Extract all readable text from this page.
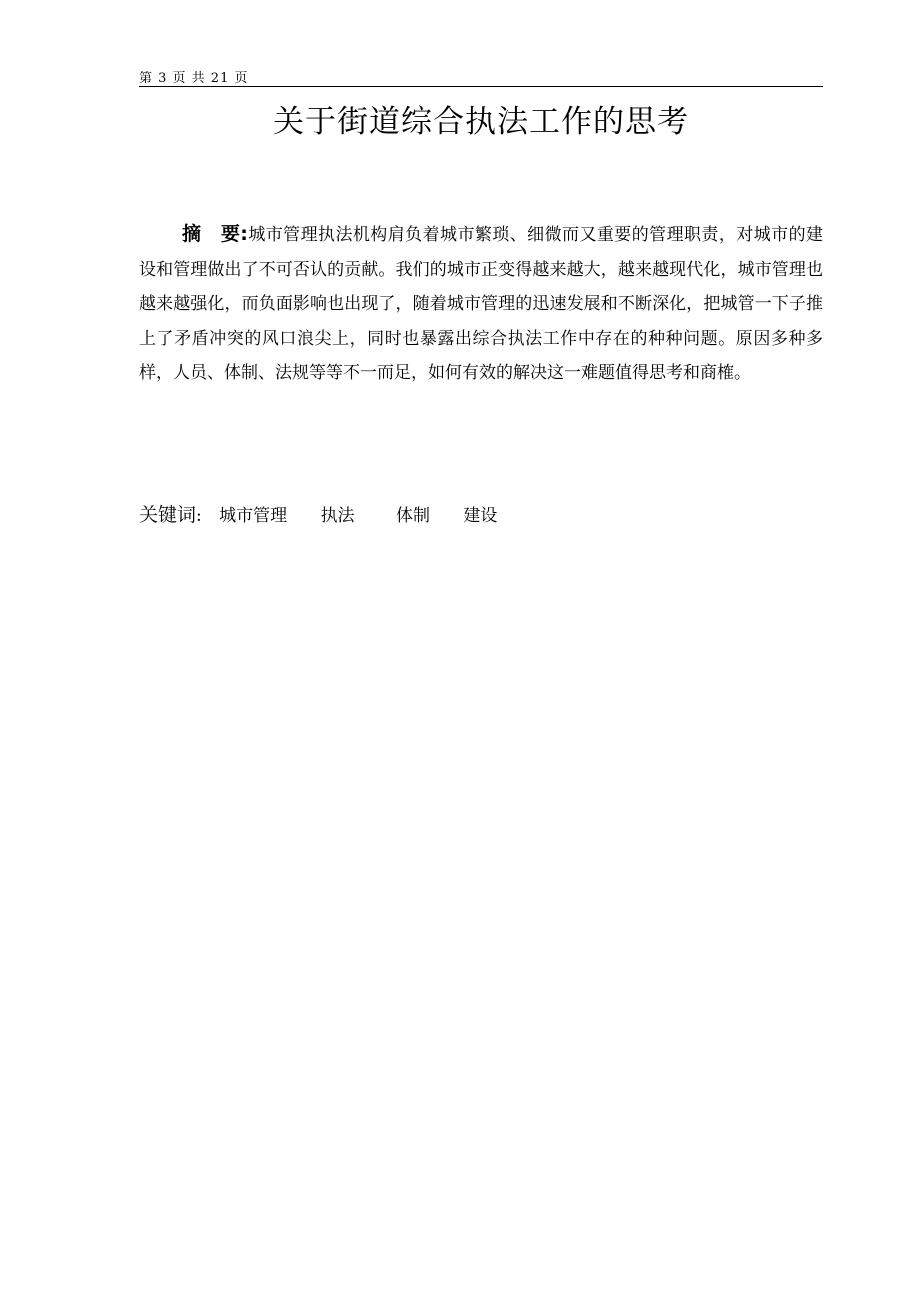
第 3 页 共 21 页
关于街道综合执法工作的思考

摘　要:城市管理执法机构肩负着城市繁琐、细微而又重要的管理职责，对城市的建设和管理做出了不可否认的贡献。我们的城市正变得越来越大，越来越现代化，城市管理也越来越强化，而负面影响也出现了，随着城市管理的迅速发展和不断深化，把城管一下子推上了矛盾冲突的风口浪尖上，同时也暴露出综合执法工作中存在的种种问题。原因多种多样，人员、体制、法规等等不一而足，如何有效的解决这一难题值得思考和商榷。

关键词: 城市管理 执法 体制 建设
